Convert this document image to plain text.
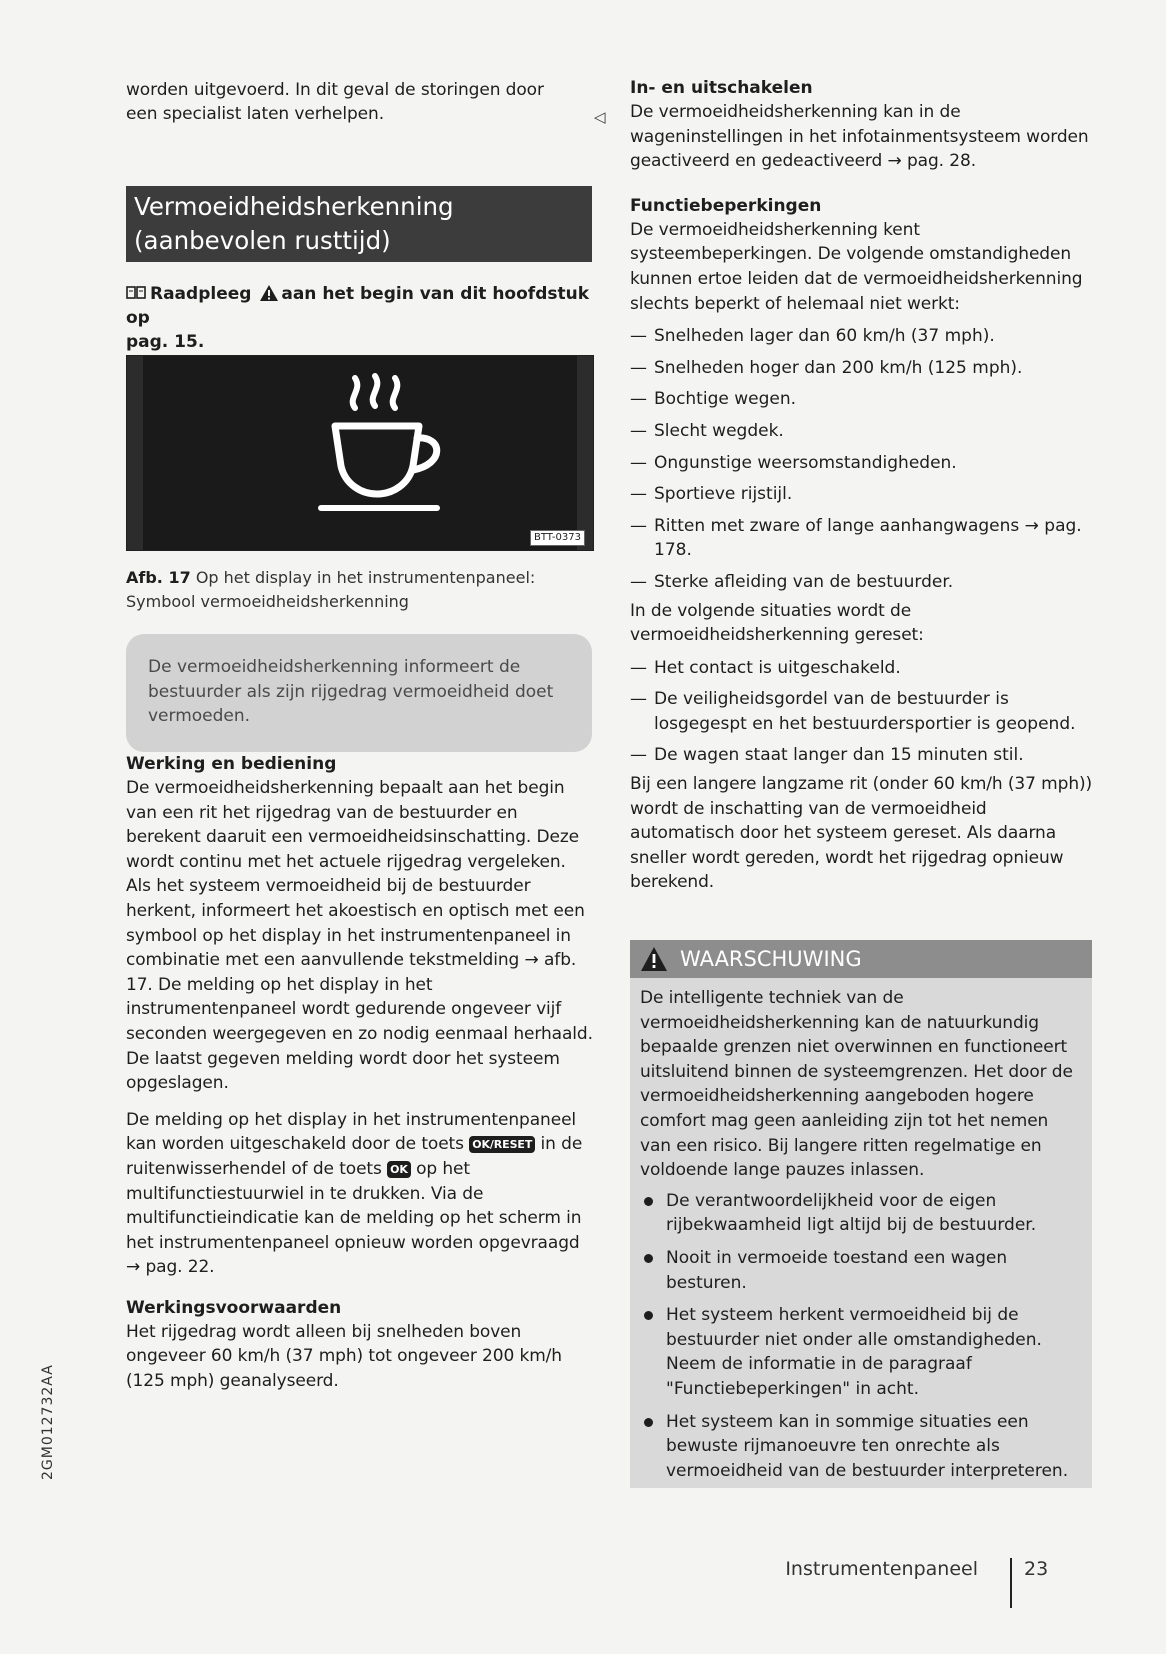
worden uitgevoerd. In dit geval de storingen door

een specialist laten verhelpen.	◁
Vermoeidheidsherkenning
(aanbevolen rusttijd)
Raadpleeg aan het begin van dit hoofdstuk op
pag. 15.
BTT-0373
Afb. 17 Op het display in het instrumentenpaneel:
Symbool vermoeidheidsherkenning
De vermoeidheidsherkenning informeert de bestuurder als zijn rijgedrag vermoeidheid doet vermoeden.

Werking en bediening

De vermoeidheidsherkenning bepaalt aan het begin van een rit het rijgedrag van de bestuurder en berekent daaruit een vermoeidheidsinschatting. Deze wordt continu met het actuele rijgedrag vergeleken. Als het systeem vermoeidheid bij de bestuurder herkent, informeert het akoestisch en optisch met een symbool op het display in het instrumentenpaneel in combinatie met een aanvullende tekstmelding → afb. 17. De melding op het display in het instrumentenpaneel wordt gedurende ongeveer vijf seconden weergegeven en zo nodig eenmaal herhaald. De laatst gegeven melding wordt door het systeem opgeslagen.

De melding op het display in het instrumentenpaneel kan worden uitgeschakeld door de toets OK/RESET in de ruitenwisserhendel of de toets OK op het multifunctiestuurwiel in te drukken. Via de multifunctieindicatie kan de melding op het scherm in het instrumentenpaneel opnieuw worden opgevraagd → pag. 22.

Werkingsvoorwaarden

Het rijgedrag wordt alleen bij snelheden boven ongeveer 60 km/h (37 mph) tot ongeveer 200 km/h (125 mph) geanalyseerd.

In- en uitschakelen

De vermoeidheidsherkenning kan in de wageninstellingen in het infotainmentsysteem worden geactiveerd en gedeactiveerd → pag. 28.

Functiebeperkingen

De vermoeidheidsherkenning kent systeembeperkingen. De volgende omstandigheden kunnen ertoe leiden dat de vermoeidheidsherkenning slechts beperkt of helemaal niet werkt:

— Snelheden lager dan 60 km/h (37 mph).
— Snelheden hoger dan 200 km/h (125 mph).
— Bochtige wegen.
— Slecht wegdek.
— Ongunstige weersomstandigheden.
— Sportieve rijstijl.
— Ritten met zware of lange aanhangwagens → pag. 178.
— Sterke afleiding van de bestuurder.

In de volgende situaties wordt de vermoeidheidsherkenning gereset:

— Het contact is uitgeschakeld.
— De veiligheidsgordel van de bestuurder is losgegespt en het bestuurdersportier is geopend.
— De wagen staat langer dan 15 minuten stil.

Bij een langere langzame rit (onder 60 km/h (37 mph)) wordt de inschatting van de vermoeidheid automatisch door het systeem gereset. Als daarna sneller wordt gereden, wordt het rijgedrag opnieuw berekend.

WAARSCHUWING

De intelligente techniek van de vermoeidheidsherkenning kan de natuurkundig bepaalde grenzen niet overwinnen en functioneert uitsluitend binnen de systeemgrenzen. Het door de vermoeidheidsherkenning aangeboden hogere comfort mag geen aanleiding zijn tot het nemen van een risico. Bij langere ritten regelmatige en voldoende lange pauzes inlassen.

De verantwoordelijkheid voor de eigen rijbekwaamheid ligt altijd bij de bestuurder.
Nooit in vermoeide toestand een wagen besturen.
Het systeem herkent vermoeidheid bij de bestuurder niet onder alle omstandigheden. Neem de informatie in de paragraaf "Functiebeperkingen" in acht.
Het systeem kan in sommige situaties een bewuste rijmanoeuvre ten onrechte als vermoeidheid van de bestuurder interpreteren.
Instrumentenpaneel 23
2GM012732AA
